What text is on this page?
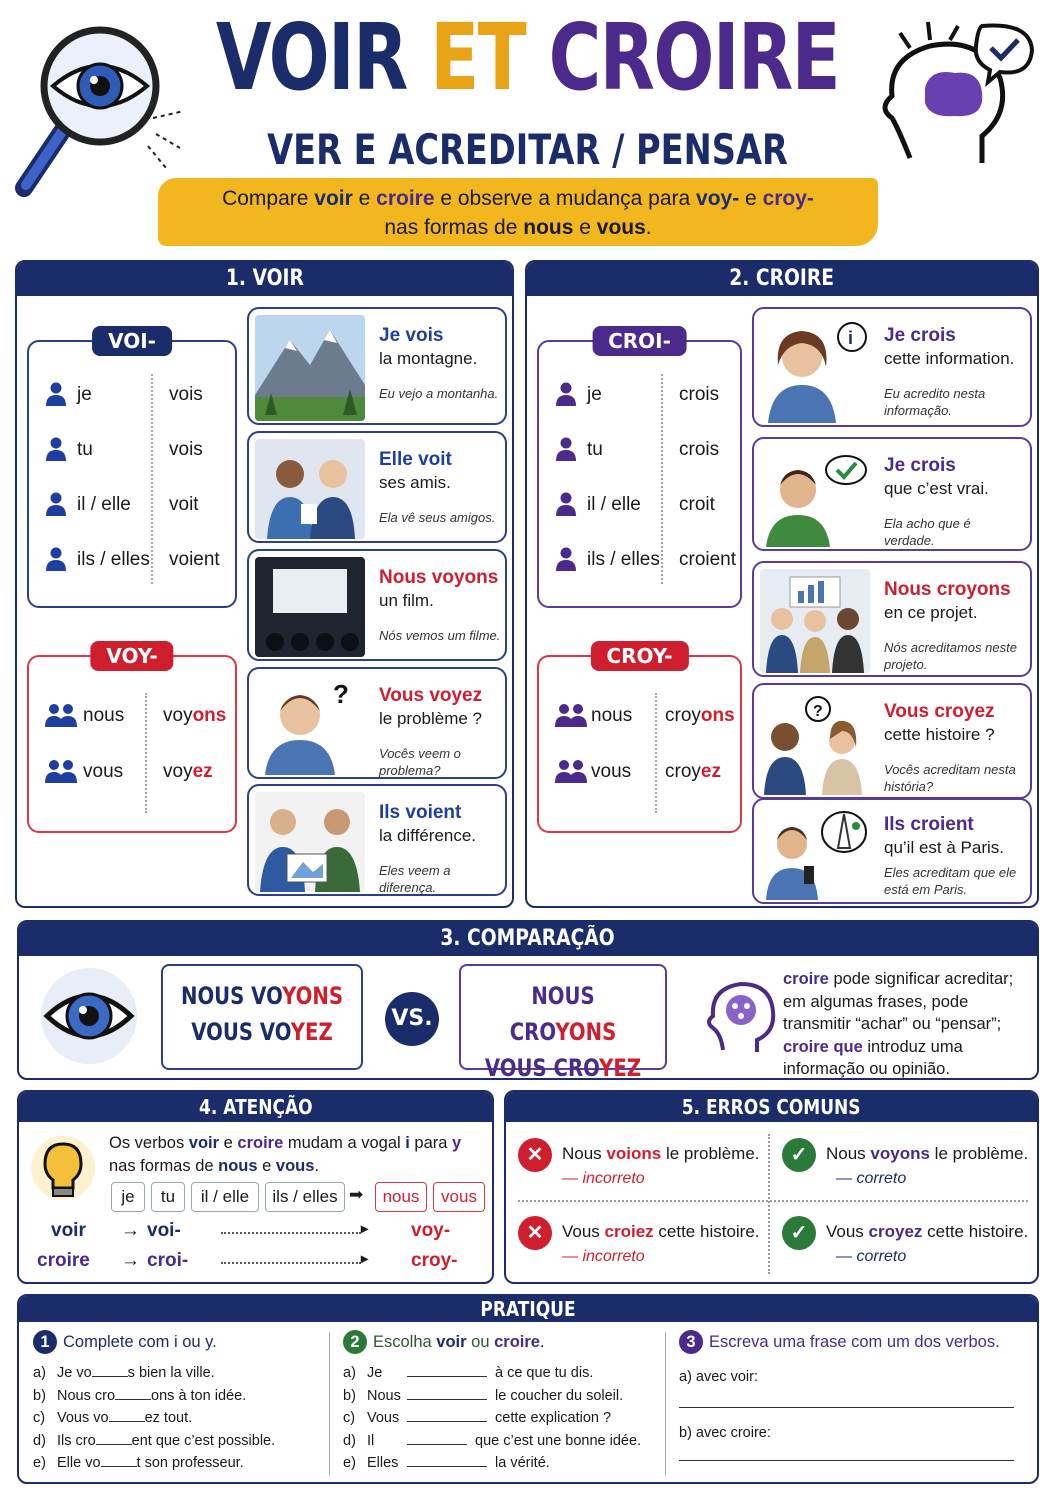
VOIR ET CROIRE
VER E ACREDITAR / PENSAR
Compare voir e croire e observe a mudança para voy- e croy-
nas formas de nous e vous.
1. VOIR
VOI-
je	vois
tu	vois
il / elle voit
ils / elles voient
VOY-
nous voyons
vous voyez
Je vois
la montagne.
Eu vejo a montanha.
Elle voit
ses amis.
Ela vê seus amigos.
Nous voyons
un film.
Nós vemos um filme.
? Vous voyez
le problème ?
Vocês veem o problema?
Ils voient
la différence.
Eles veem a diferença.
2. CROIRE
CROI-
je	crois
tu	crois
il / elle croit
ils / elles croient
CROY-
nous croyons
vous croyez
i Je crois
cette information.
Eu acredito nesta informação.
Je crois
que c’est vrai.
Ela acho que é verdade.
Nous croyons
en ce projet.
Nós acreditamos neste projeto.
?	Vous croyez
cette histoire ?
Vocês acreditam nesta história?
Ils croient
qu’il est à Paris.
Eles acreditam que ele está em Paris.
3. COMPARAÇÃO
NOUS VOYONS
VOUS VOYEZ	VS.
NOUS CROYONS
VOUS CROYEZ
croire pode significar acreditar; em algumas frases, pode transmitir “achar” ou “pensar”; croire que introduz uma informação ou opinião.
4. ATENÇÃO
Os verbos voir e croire mudam a vogal i para y
nas formas de nous e vous.
je	tu	il / elle	ils / elles ➡	nous	vous
voir → voi-	▸ voy-
croire → croi-	▸ croy-
5. ERROS COMUNS
✕	Nous voions le problème.
— incorreto
✓	Nous voyons le problème.
— correto
✕	Vous croiez cette histoire.
— incorreto
✓	Vous croyez cette histoire.
— correto
PRATIQUE
1 Complete com i ou y.
a) Je vo s bien la ville.
b) Nous cro ons à ton idée.
c) Vous vo ez tout.
d) Ils cro ent que c’est possible.
e) Elle vo t son professeur.
2 Escolha voir ou croire.
a) Je	à ce que tu dis.
b) Nous	le coucher du soleil.
c) Vous	cette explication ?
d) Il	que c’est une bonne idée.
e) Elles	la vérité.
3 Escreva uma frase com um dos verbos.
a) avec voir:
b) avec croire:
